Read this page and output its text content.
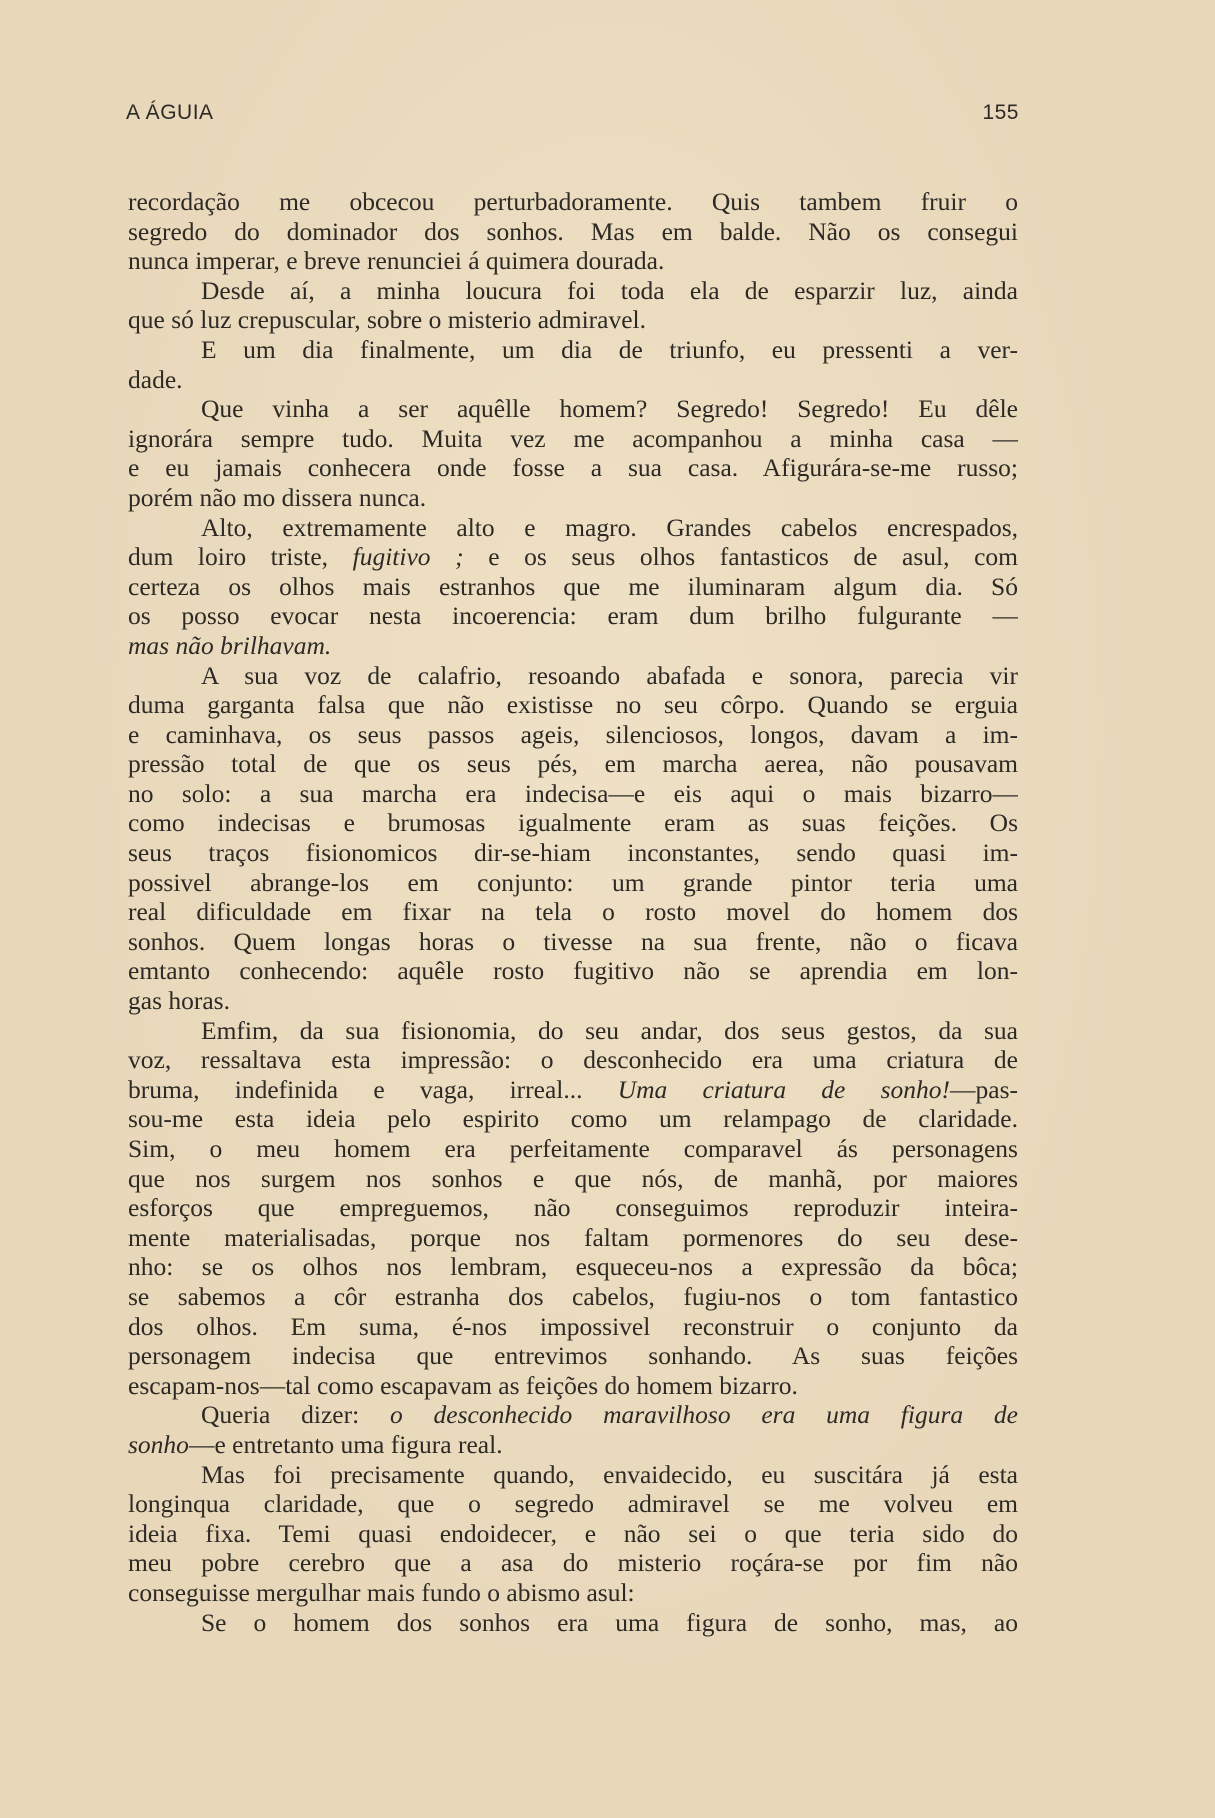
A ÁGUIA	155
recordação me obcecou perturbadoramente. Quis tambem fruir o
segredo do dominador dos sonhos. Mas em balde. Não os consegui
nunca imperar, e breve renunciei á quimera dourada.
Desde aí, a minha loucura foi toda ela de esparzir luz, ainda
que só luz crepuscular, sobre o misterio admiravel.
E um dia finalmente, um dia de triunfo, eu pressenti a ver-
dade.
Que vinha a ser aquêlle homem? Segredo! Segredo! Eu dêle
ignorára sempre tudo. Muita vez me acompanhou a minha casa —
e eu jamais conhecera onde fosse a sua casa. Afigurára-se-me russo;
porém não mo dissera nunca.
Alto, extremamente alto e magro. Grandes cabelos encrespados,
dum loiro triste, fugitivo ; e os seus olhos fantasticos de asul, com
certeza os olhos mais estranhos que me iluminaram algum dia. Só
os posso evocar nesta incoerencia: eram dum brilho fulgurante —
mas não brilhavam.
A sua voz de calafrio, resoando abafada e sonora, parecia vir
duma garganta falsa que não existisse no seu côrpo. Quando se erguia
e caminhava, os seus passos ageis, silenciosos, longos, davam a im-
pressão total de que os seus pés, em marcha aerea, não pousavam
no solo: a sua marcha era indecisa—e eis aqui o mais bizarro—
como indecisas e brumosas igualmente eram as suas feições. Os
seus traços fisionomicos dir-se-hiam inconstantes, sendo quasi im-
possivel abrange-los em conjunto: um grande pintor teria uma
real dificuldade em fixar na tela o rosto movel do homem dos
sonhos. Quem longas horas o tivesse na sua frente, não o ficava
emtanto conhecendo: aquêle rosto fugitivo não se aprendia em lon-
gas horas.
Emfim, da sua fisionomia, do seu andar, dos seus gestos, da sua
voz, ressaltava esta impressão: o desconhecido era uma criatura de
bruma, indefinida e vaga, irreal... Uma criatura de sonho!—pas-
sou-me esta ideia pelo espirito como um relampago de claridade.
Sim, o meu homem era perfeitamente comparavel ás personagens
que nos surgem nos sonhos e que nós, de manhã, por maiores
esforços que empreguemos, não conseguimos reproduzir inteira-
mente materialisadas, porque nos faltam pormenores do seu dese-
nho: se os olhos nos lembram, esqueceu-nos a expressão da bôca;
se sabemos a côr estranha dos cabelos, fugiu-nos o tom fantastico
dos olhos. Em suma, é-nos impossivel reconstruir o conjunto da
personagem indecisa que entrevimos sonhando. As suas feições
escapam-nos—tal como escapavam as feições do homem bizarro.
Queria dizer: o desconhecido maravilhoso era uma figura de
sonho—e entretanto uma figura real.
Mas foi precisamente quando, envaidecido, eu suscitára já esta
longinqua claridade, que o segredo admiravel se me volveu em
ideia fixa. Temi quasi endoidecer, e não sei o que teria sido do
meu pobre cerebro que a asa do misterio roçára-se por fim não
conseguisse mergulhar mais fundo o abismo asul:
Se o homem dos sonhos era uma figura de sonho, mas, ao
